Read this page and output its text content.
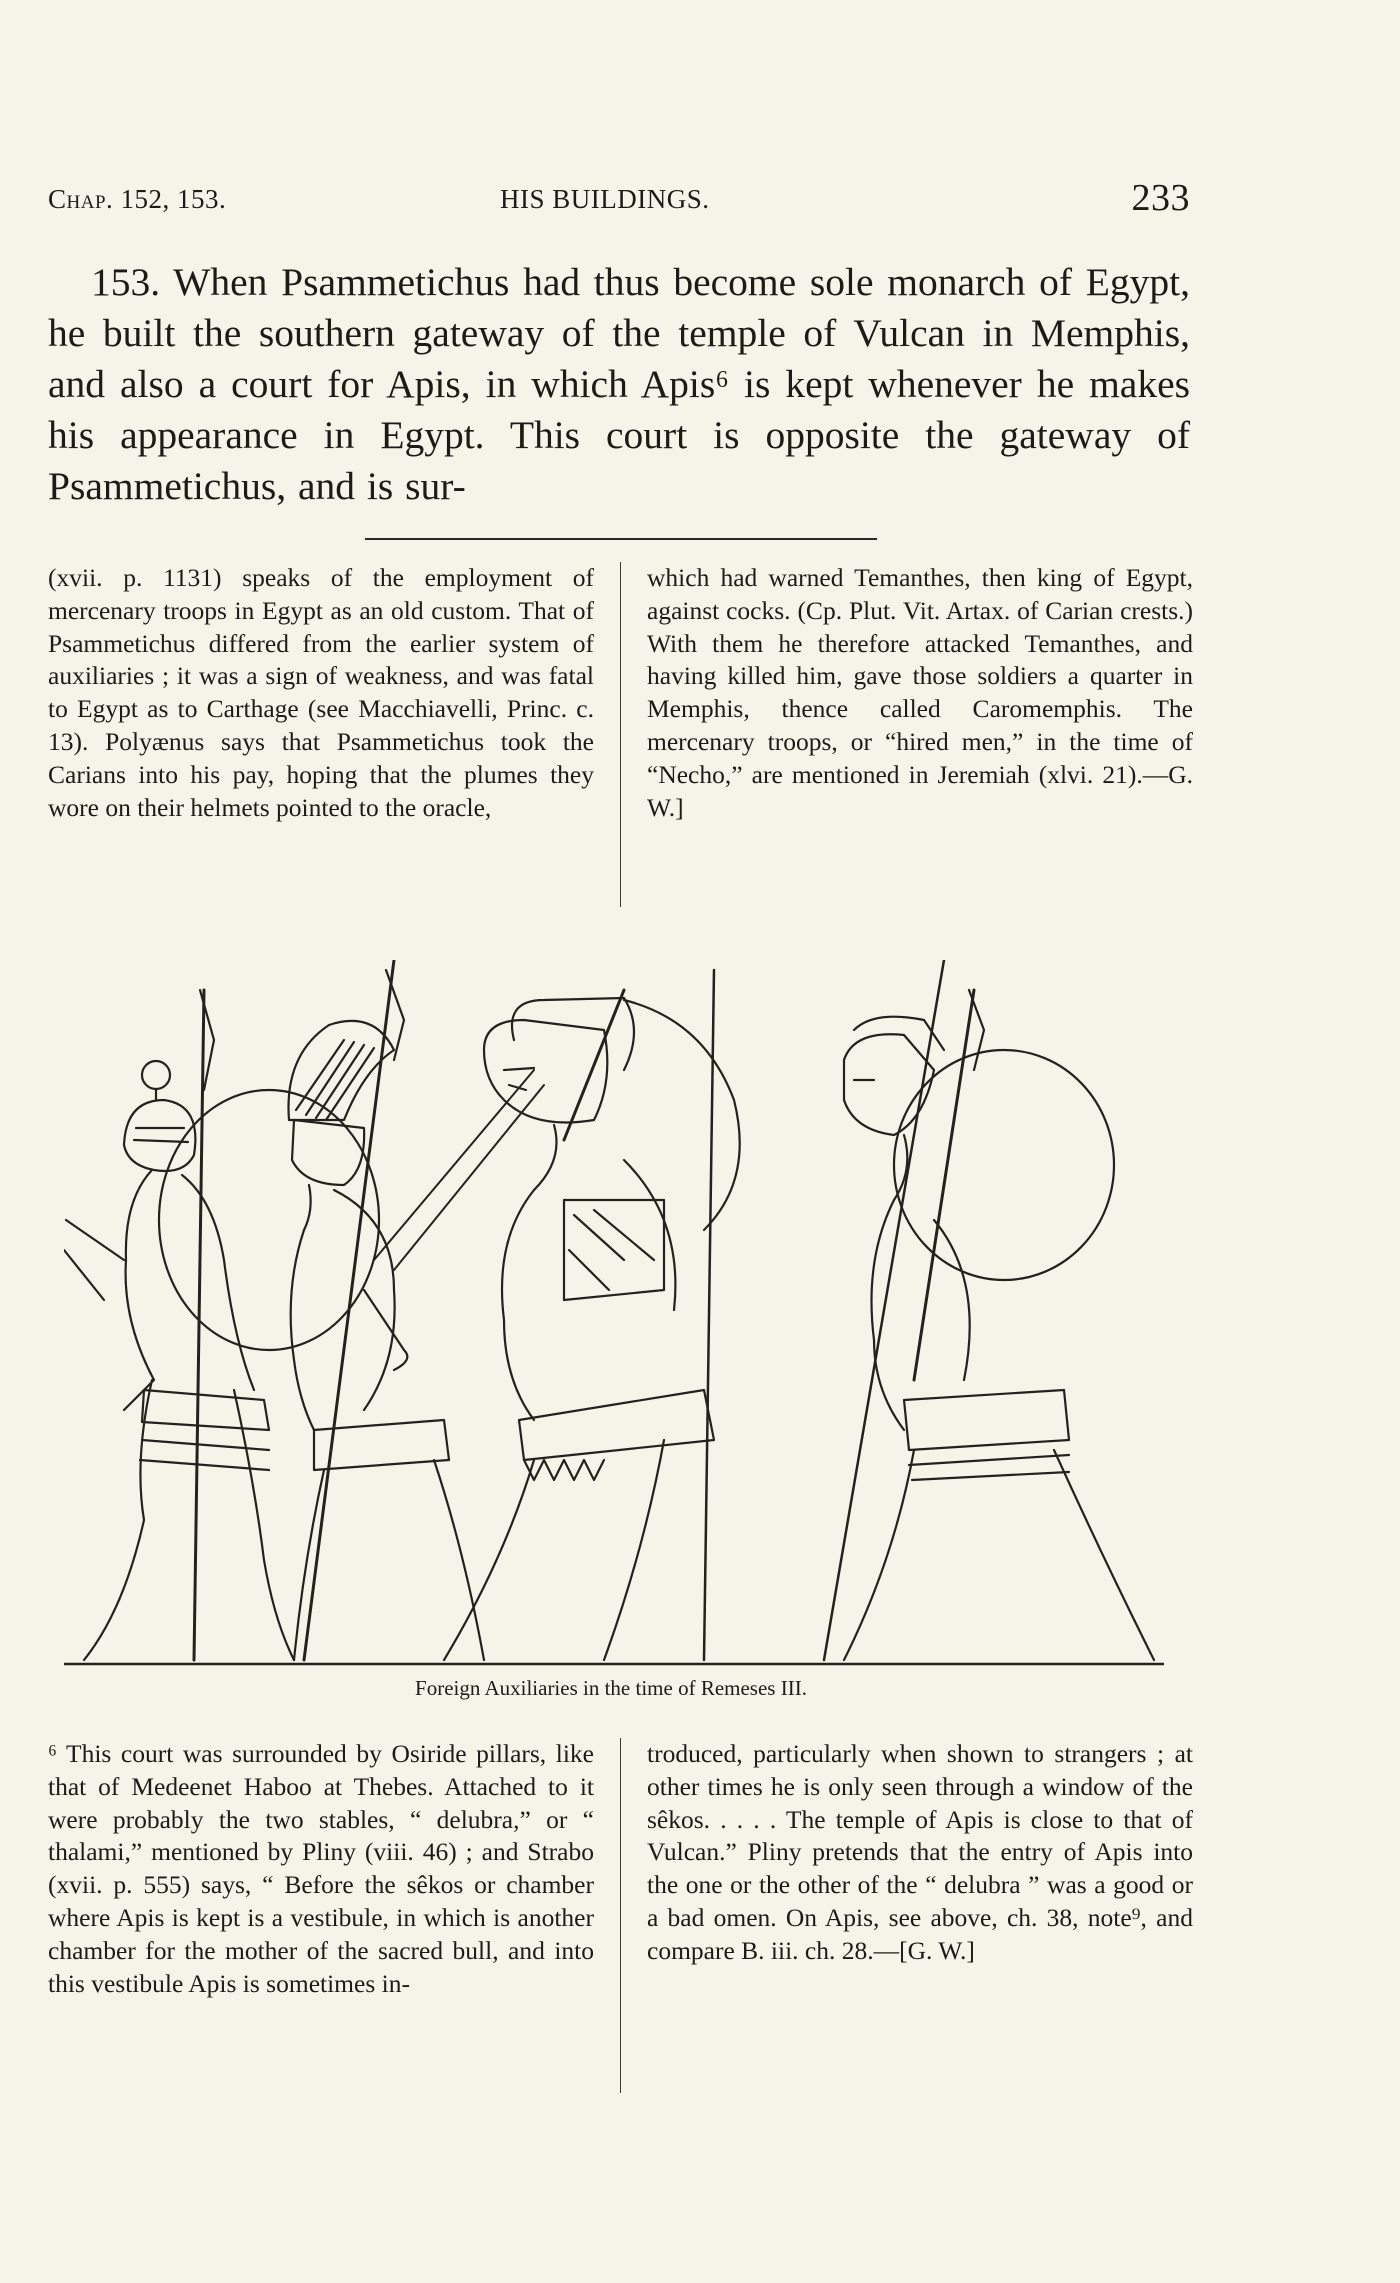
Chap. 152, 153.	HIS BUILDINGS.	233

153. When Psammetichus had thus become sole monarch of Egypt, he built the southern gateway of the temple of Vulcan in Memphis, and also a court for Apis, in which Apis⁶ is kept whenever he makes his appearance in Egypt. This court is opposite the gateway of Psammetichus, and is sur-

(xvii. p. 1131) speaks of the employment of mercenary troops in Egypt as an old custom. That of Psammetichus differed from the earlier system of auxiliaries ; it was a sign of weakness, and was fatal to Egypt as to Carthage (see Macchiavelli, Princ. c. 13). Polyænus says that Psammetichus took the Carians into his pay, hoping that the plumes they wore on their helmets pointed to the oracle,
which had warned Temanthes, then king of Egypt, against cocks. (Cp. Plut. Vit. Artax. of Carian crests.) With them he therefore attacked Temanthes, and having killed him, gave those soldiers a quarter in Memphis, thence called Caromemphis. The mercenary troops, or “hired men,” in the time of “Necho,” are mentioned in Jeremiah (xlvi. 21).—G. W.]
Foreign Auxiliaries in the time of Remeses III.
⁶ This court was surrounded by Osiride pillars, like that of Medeenet Haboo at Thebes. Attached to it were probably the two stables, “ delubra,” or “ thalami,” mentioned by Pliny (viii. 46) ; and Strabo (xvii. p. 555) says, “ Before the sêkos or chamber where Apis is kept is a vestibule, in which is another chamber for the mother of the sacred bull, and into this vestibule Apis is sometimes in-
troduced, particularly when shown to strangers ; at other times he is only seen through a window of the sêkos. . . . . The temple of Apis is close to that of Vulcan.” Pliny pretends that the entry of Apis into the one or the other of the “ delubra ” was a good or a bad omen. On Apis, see above, ch. 38, note⁹, and compare B. iii. ch. 28.—[G. W.]
